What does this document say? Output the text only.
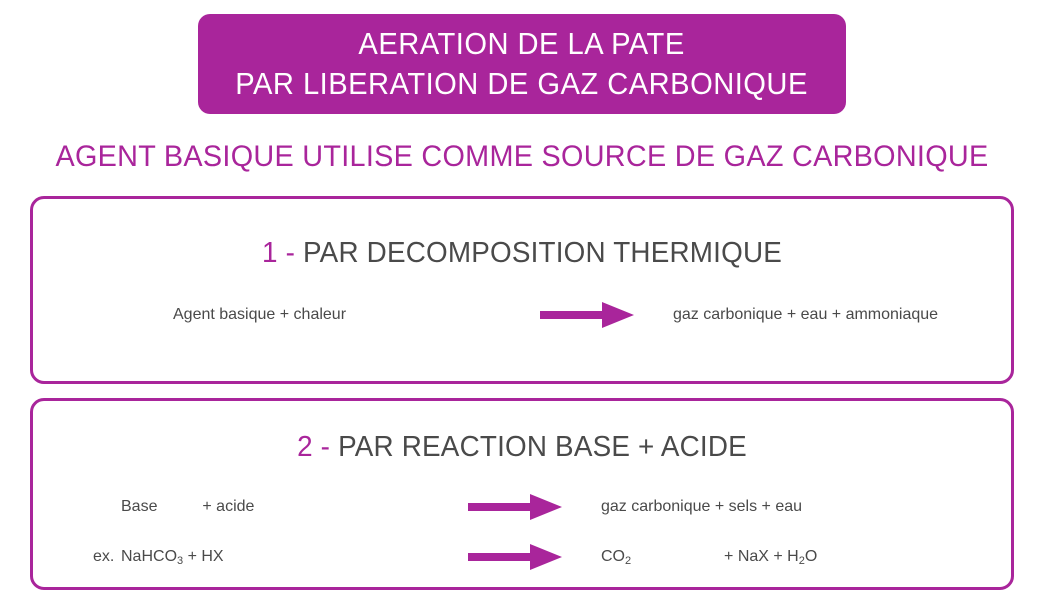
AERATION DE LA PATE
PAR LIBERATION DE GAZ CARBONIQUE
AGENT BASIQUE UTILISE COMME SOURCE DE GAZ CARBONIQUE
1 - PAR DECOMPOSITION THERMIQUE
Agent basique + chaleur	gaz carbonique + eau + ammoniaque
2 - PAR REACTION BASE + ACIDE
Base	+ acide	gaz carbonique + sels + eau
ex. NaHCO$_3$ + HX	$CO_2$	+ NaX + $H_2O$
